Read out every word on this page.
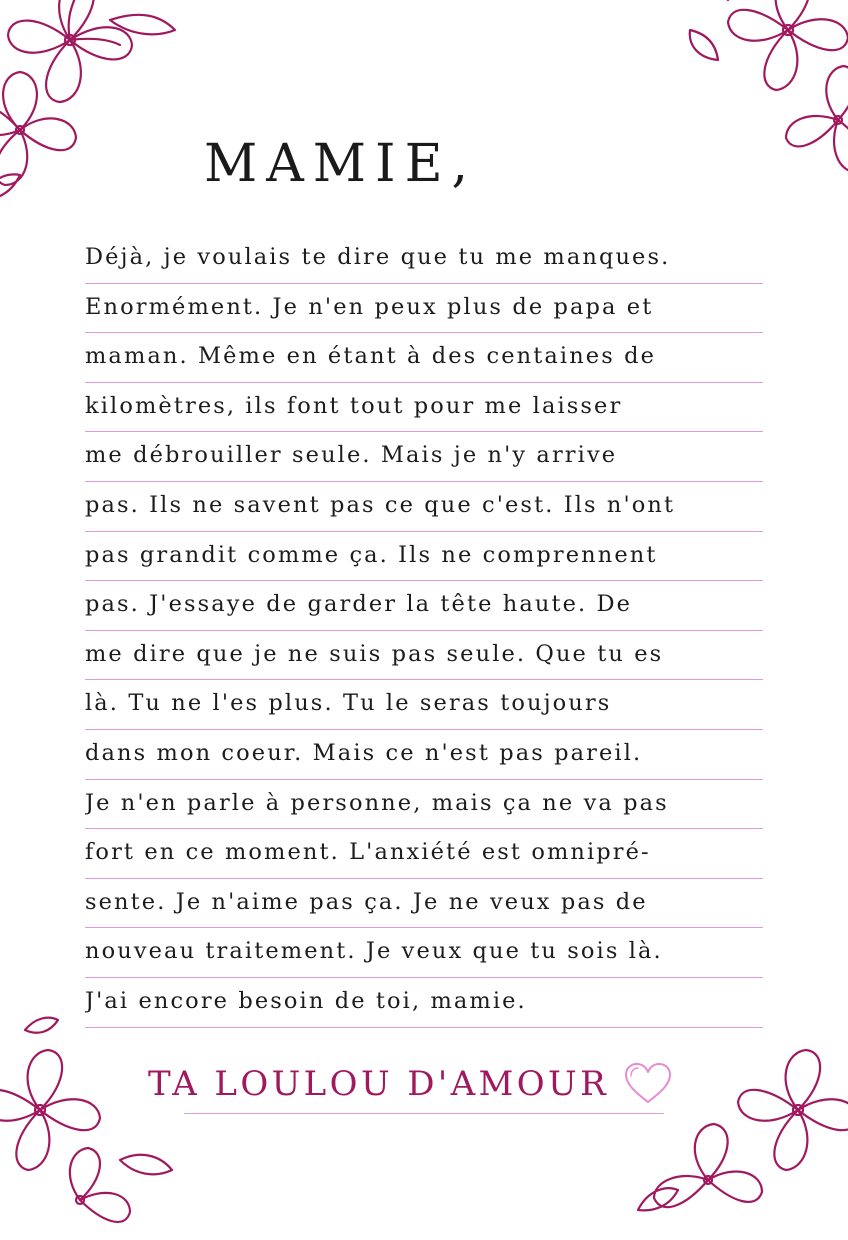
MAMIE,
Déjà, je voulais te dire que tu me manques.
Enormément. Je n'en peux plus de papa et
maman. Même en étant à des centaines de
kilomètres, ils font tout pour me laisser
me débrouiller seule. Mais je n'y arrive
pas. Ils ne savent pas ce que c'est. Ils n'ont
pas grandit comme ça. Ils ne comprennent
pas. J'essaye de garder la tête haute. De
me dire que je ne suis pas seule. Que tu es
là. Tu ne l'es plus. Tu le seras toujours
dans mon coeur. Mais ce n'est pas pareil.
Je n'en parle à personne, mais ça ne va pas
fort en ce moment. L'anxiété est omnipré-
sente. Je n'aime pas ça. Je ne veux pas de
nouveau traitement. Je veux que tu sois là.
J'ai encore besoin de toi, mamie.
TA LOULOU D'AMOUR
